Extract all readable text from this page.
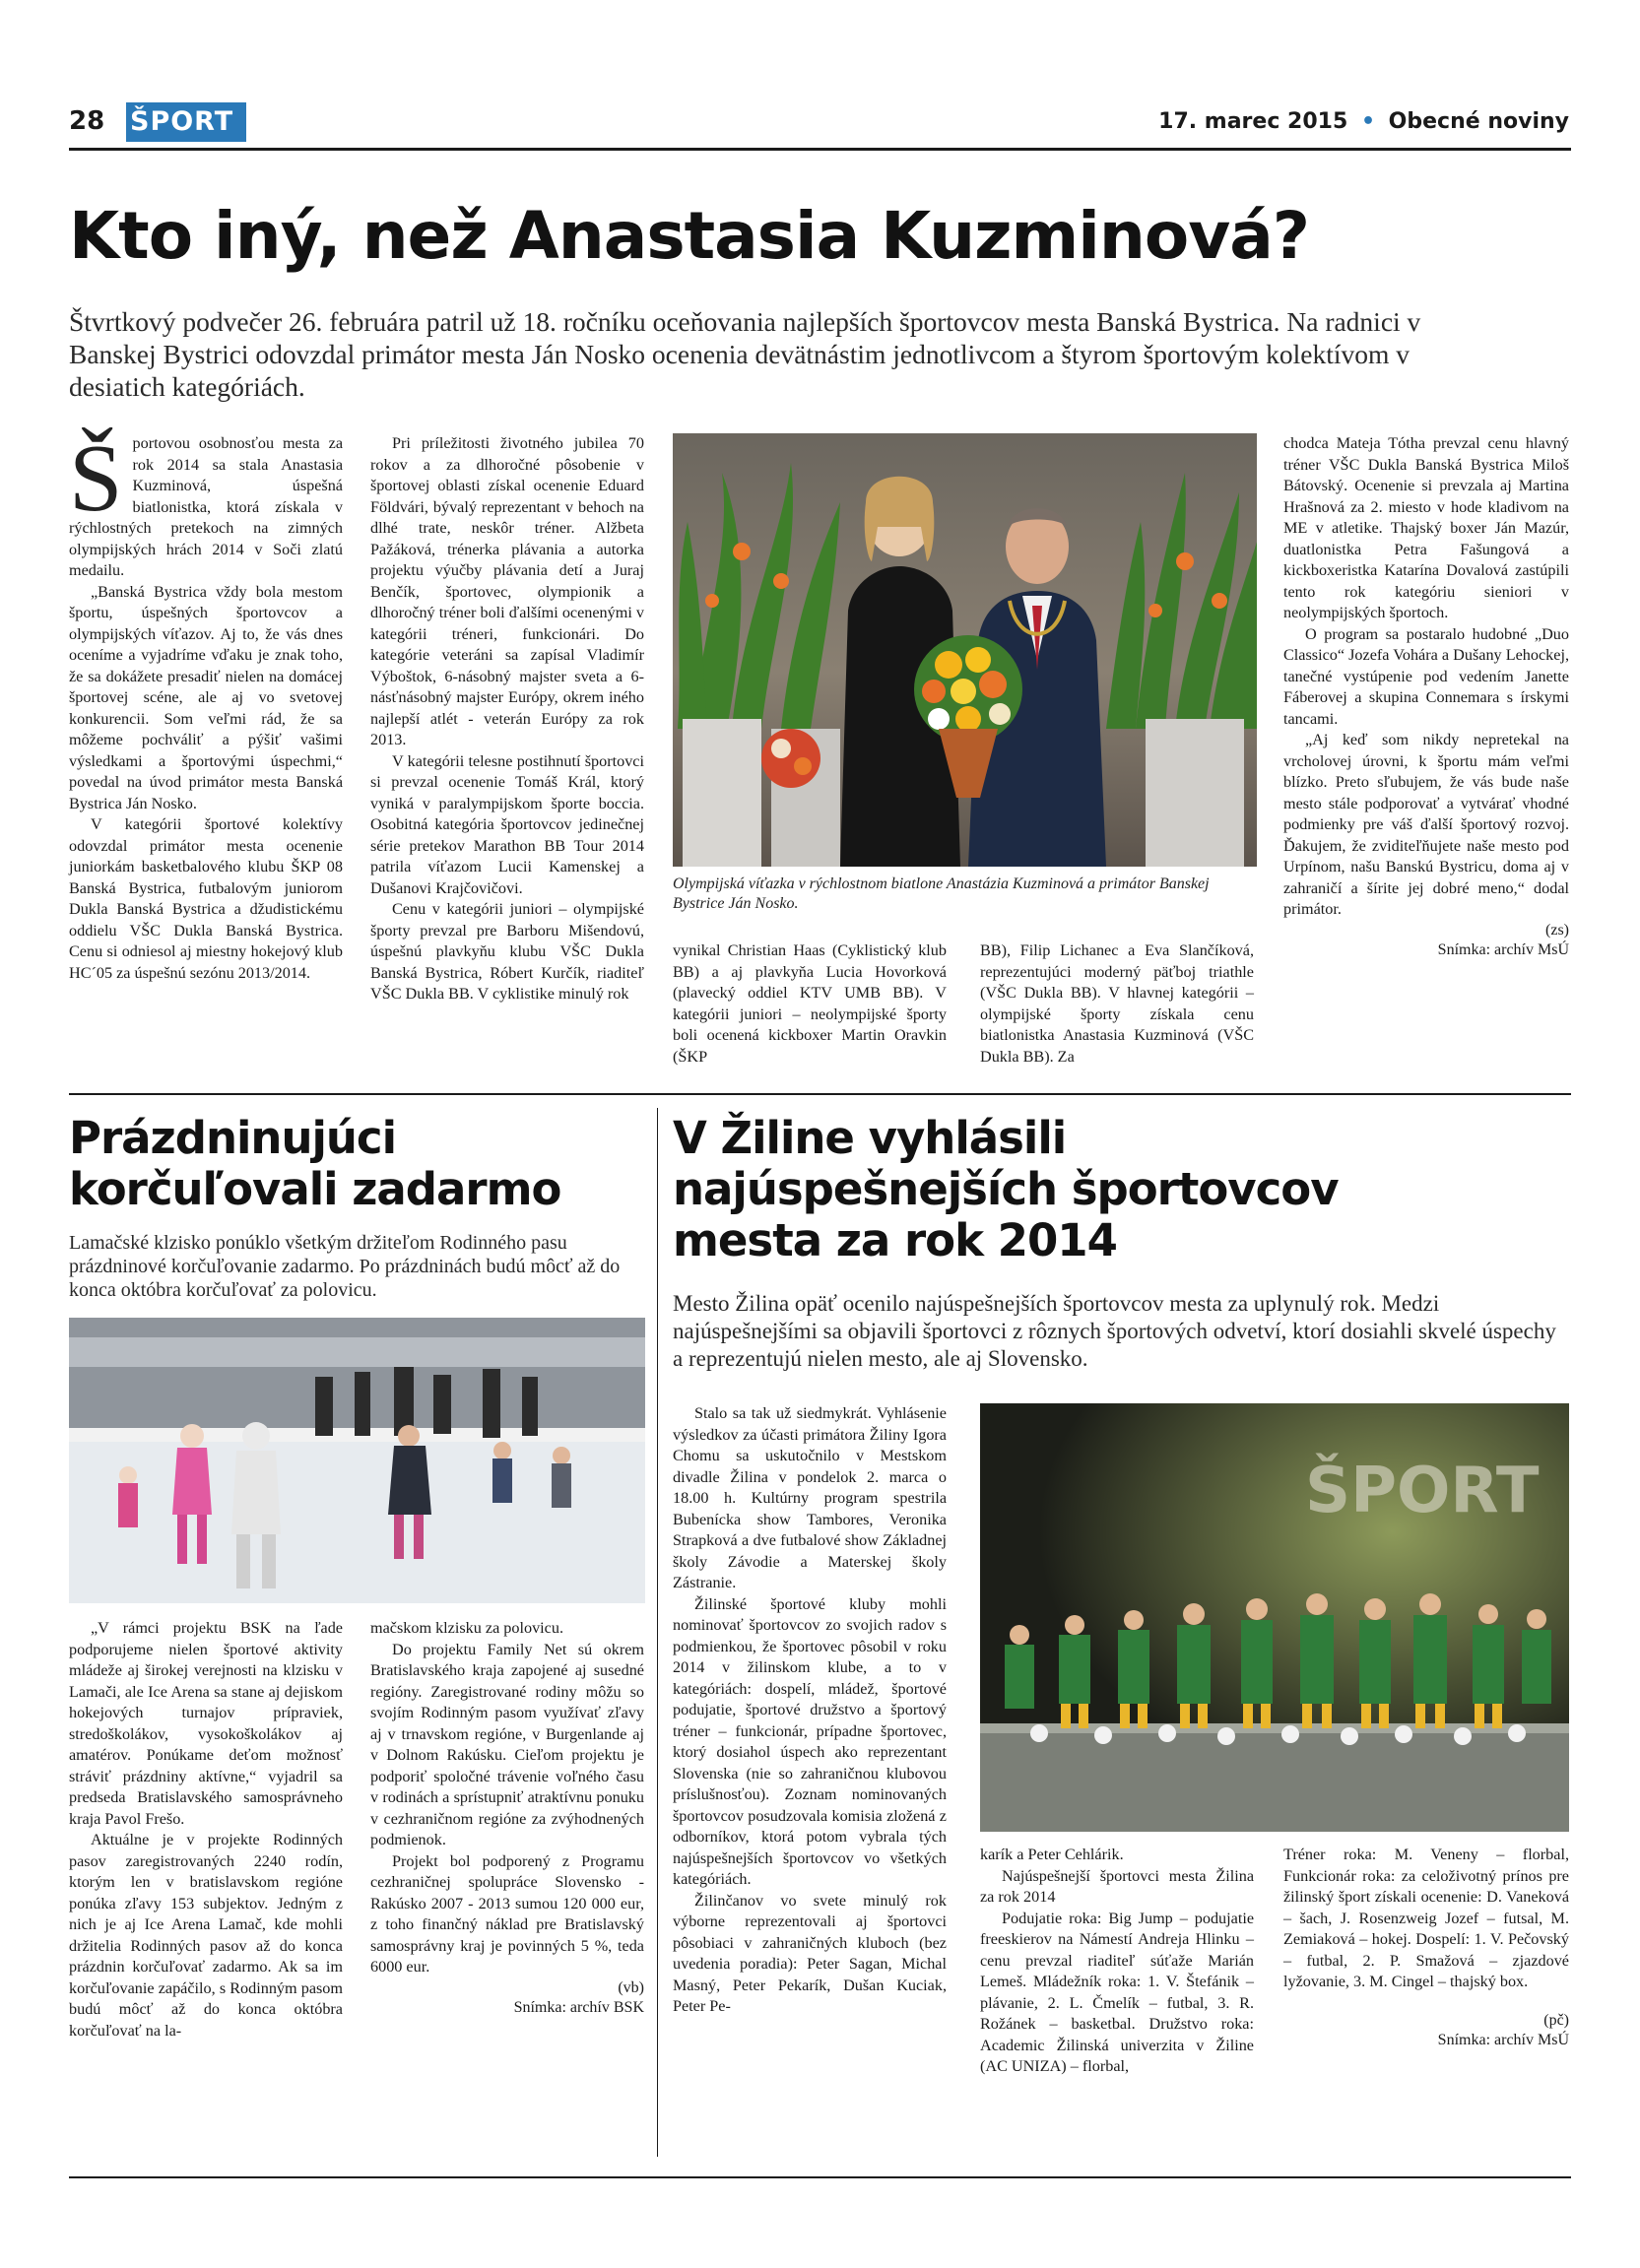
28 ŠPORT	17. marec 2015 • Obecné noviny
Kto iný, než Anastasia Kuzminová?
Štvrtkový podvečer 26. februára patril už 18. ročníku oceňovania najlepších športovcov mesta Banská Bystrica. Na radnici v Banskej Bystrici odovzdal primátor mesta Ján Nosko ocenenia devätnástim jednotlivcom a štyrom športovým kolektívom v desiatich kategóriách.

Športovou osobnosťou mesta za rok 2014 sa stala Anastasia Kuzminová, úspešná biatlonistka, ktorá získala v rýchlostných pretekoch na zimných olympijských hrách 2014 v Soči zlatú medailu.

„Banská Bystrica vždy bola mestom športu, úspešných športovcov a olympijských víťazov. Aj to, že vás dnes oceníme a vyjadríme vďaku je znak toho, že sa dokážete presadiť nielen na domácej športovej scéne, ale aj vo svetovej konkurencii. Som veľmi rád, že sa môžeme pochváliť a pýšiť vašimi výsledkami a športovými úspechmi,“ povedal na úvod primátor mesta Banská Bystrica Ján Nosko.

V kategórii športové kolektívy odovzdal primátor mesta ocenenie juniorkám basketbalového klubu ŠKP 08 Banská Bystrica, futbalovým juniorom Dukla Banská Bystrica a džudistickému oddielu VŠC Dukla Banská Bystrica. Cenu si odniesol aj miestny hokejový klub HC´05 za úspešnú sezónu 2013/2014.

Pri príležitosti životného jubilea 70 rokov a za dlhoročné pôsobenie v športovej oblasti získal ocenenie Eduard Földvári, bývalý reprezentant v behoch na dlhé trate, neskôr tréner. Alžbeta Pažáková, trénerka plávania a autorka projektu výučby plávania detí a Juraj Benčík, športovec, olympionik a dlhoročný tréner boli ďalšími ocenenými v kategórii tréneri, funkcionári. Do kategórie veteráni sa zapísal Vladimír Výboštok, 6-násobný majster sveta a 6-násťnásobný majster Európy, okrem iného najlepší atlét - veterán Európy za rok 2013.

V kategórii telesne postihnutí športovci si prevzal ocenenie Tomáš Král, ktorý vyniká v paralympijskom športe boccia. Osobitná kategória športovcov jedinečnej série pretekov Marathon BB Tour 2014 patrila víťazom Lucii Kamenskej a Dušanovi Krajčovičovi.

Cenu v kategórii juniori – olympijské športy prevzal pre Barboru Mišendovú, úspešnú plavkyňu klubu VŠC Dukla Banská Bystrica, Róbert Kurčík, riaditeľ VŠC Dukla BB. V cyklistike minulý rok

Olympijská víťazka v rýchlostnom biatlone Anastázia Kuzminová a primátor Banskej Bystrice Ján Nosko.

vynikal Christian Haas (Cyklistický klub BB) a aj plavkyňa Lucia Hovorková (plavecký oddiel KTV UMB BB). V kategórii juniori – neolympijské športy boli ocenená kickboxer Martin Oravkin (ŠKP

BB), Filip Lichanec a Eva Slančíková, reprezentujúci moderný päťboj triathle (VŠC Dukla BB). V hlavnej kategórii – olympijské športy získala cenu biatlonistka Anastasia Kuzminová (VŠC Dukla BB). Za

chodca Mateja Tótha prevzal cenu hlavný tréner VŠC Dukla Banská Bystrica Miloš Bátovský. Ocenenie si prevzala aj Martina Hrašnová za 2. miesto v hode kladivom na ME v atletike. Thajský boxer Ján Mazúr, duatlonistka Petra Fašungová a kickboxeristka Katarína Dovalová zastúpili tento rok kategóriu sieniori v neolympijských športoch.

O program sa postaralo hudobné „Duo Classico“ Jozefa Vohára a Dušany Lehockej, tanečné vystúpenie pod vedením Janette Fáberovej a skupina Connemara s írskymi tancami.

„Aj keď som nikdy nepretekal na vrcholovej úrovni, k športu mám veľmi blízko. Preto sľubujem, že vás bude naše mesto stále podporovať a vytvárať vhodné podmienky pre váš ďalší športový rozvoj. Ďakujem, že zviditeľňujete naše mesto pod Urpínom, našu Banskú Bystricu, doma aj v zahraničí a šírite jej dobré meno,“ dodal primátor.

(zs)
Snímka: archív MsÚ
Prázdninujúci
korčuľovali zadarmo
Lamačské klzisko ponúklo všetkým držiteľom Rodinného pasu prázdninové korčuľovanie zadarmo. Po prázdninách budú môcť až do konca októbra korčuľovať za polovicu.

„V rámci projektu BSK na ľade podporujeme nielen športové aktivity mládeže aj širokej verejnosti na klzisku v Lamači, ale Ice Arena sa stane aj dejiskom hokejových turnajov prípraviek, stredoškolákov, vysokoškolákov aj amatérov. Ponúkame deťom možnosť stráviť prázdniny aktívne,“ vyjadril sa predseda Bratislavského samosprávneho kraja Pavol Frešo.

Aktuálne je v projekte Rodinných pasov zaregistrovaných 2240 rodín, ktorým len v bratislavskom regióne ponúka zľavy 153 subjektov. Jedným z nich je aj Ice Arena Lamač, kde mohli držitelia Rodinných pasov až do konca prázdnin korčuľovať zadarmo. Ak sa im korčuľovanie zapáčilo, s Rodinným pasom budú môcť až do konca októbra korčuľovať na la-

mačskom klzisku za polovicu.

Do projektu Family Net sú okrem Bratislavského kraja zapojené aj susedné regióny. Zaregistrované rodiny môžu so svojím Rodinným pasom využívať zľavy aj v trnavskom regióne, v Burgenlande aj v Dolnom Rakúsku. Cieľom projektu je podporiť spoločné trávenie voľného času v rodinách a sprístupniť atraktívnu ponuku v cezhraničnom regióne za zvýhodnených podmienok.

Projekt bol podporený z Programu cezhraničnej spolupráce Slovensko - Rakúsko 2007 - 2013 sumou 120 000 eur, z toho finančný náklad pre Bratislavský samosprávny kraj je povinných 5 %, teda 6000 eur.

(vb)
Snímka: archív BSK
V Žiline vyhlásili
najúspešnejších športovcov
mesta za rok 2014
Mesto Žilina opäť ocenilo najúspešnejších športovcov mesta za uplynulý rok. Medzi najúspešnejšími sa objavili športovci z rôznych športových odvetví, ktorí dosiahli skvelé úspechy a reprezentujú nielen mesto, ale aj Slovensko.

Stalo sa tak už siedmykrát. Vyhlásenie výsledkov za účasti primátora Žiliny Igora Chomu sa uskutočnilo v Mestskom divadle Žilina v pondelok 2. marca o 18.00 h. Kultúrny program spestrila Bubenícka show Tambores, Veronika Strapková a dve futbalové show Základnej školy Závodie a Materskej školy Zástranie.

Žilinské športové kluby mohli nominovať športovcov zo svojich radov s podmienkou, že športovec pôsobil v roku 2014 v žilinskom klube, a to v kategóriách: dospelí, mládež, športové podujatie, športové družstvo a športový tréner – funkcionár, prípadne športovec, ktorý dosiahol úspech ako reprezentant Slovenska (nie so zahraničnou klubovou príslušnosťou). Zoznam nominovaných športovcov posudzovala komisia zložená z odborníkov, ktorá potom vybrala tých najúspešnejších športovcov vo všetkých kategóriách.

Žilinčanov vo svete minulý rok výborne reprezentovali aj športovci pôsobiaci v zahraničných kluboch (bez uvedenia poradia): Peter Sagan, Michal Masný, Peter Pekarík, Dušan Kuciak, Peter Pe-

ŠPORT

karík a Peter Cehlárik.

Najúspešnejší športovci mesta Žilina za rok 2014

Podujatie roka: Big Jump – podujatie freeskierov na Námestí Andreja Hlinku – cenu prevzal riaditeľ súťaže Marián Lemeš. Mládežník roka: 1. V. Štefánik – plávanie, 2. L. Čmelík – futbal, 3. R. Rožánek – basketbal. Družstvo roka: Academic Žilinská univerzita v Žiline (AC UNIZA) – florbal,

Tréner roka: M. Veneny – florbal, Funkcionár roka: za celoživotný prínos pre žilinský šport získali ocenenie: D. Vaneková – šach, J. Rosenzweig Jozef – futsal, M. Zemiaková – hokej. Dospelí: 1. V. Pečovský – futbal, 2. P. Smažová – zjazdové lyžovanie, 3. M. Cingel – thajský box.

(pč)
Snímka: archív MsÚ
